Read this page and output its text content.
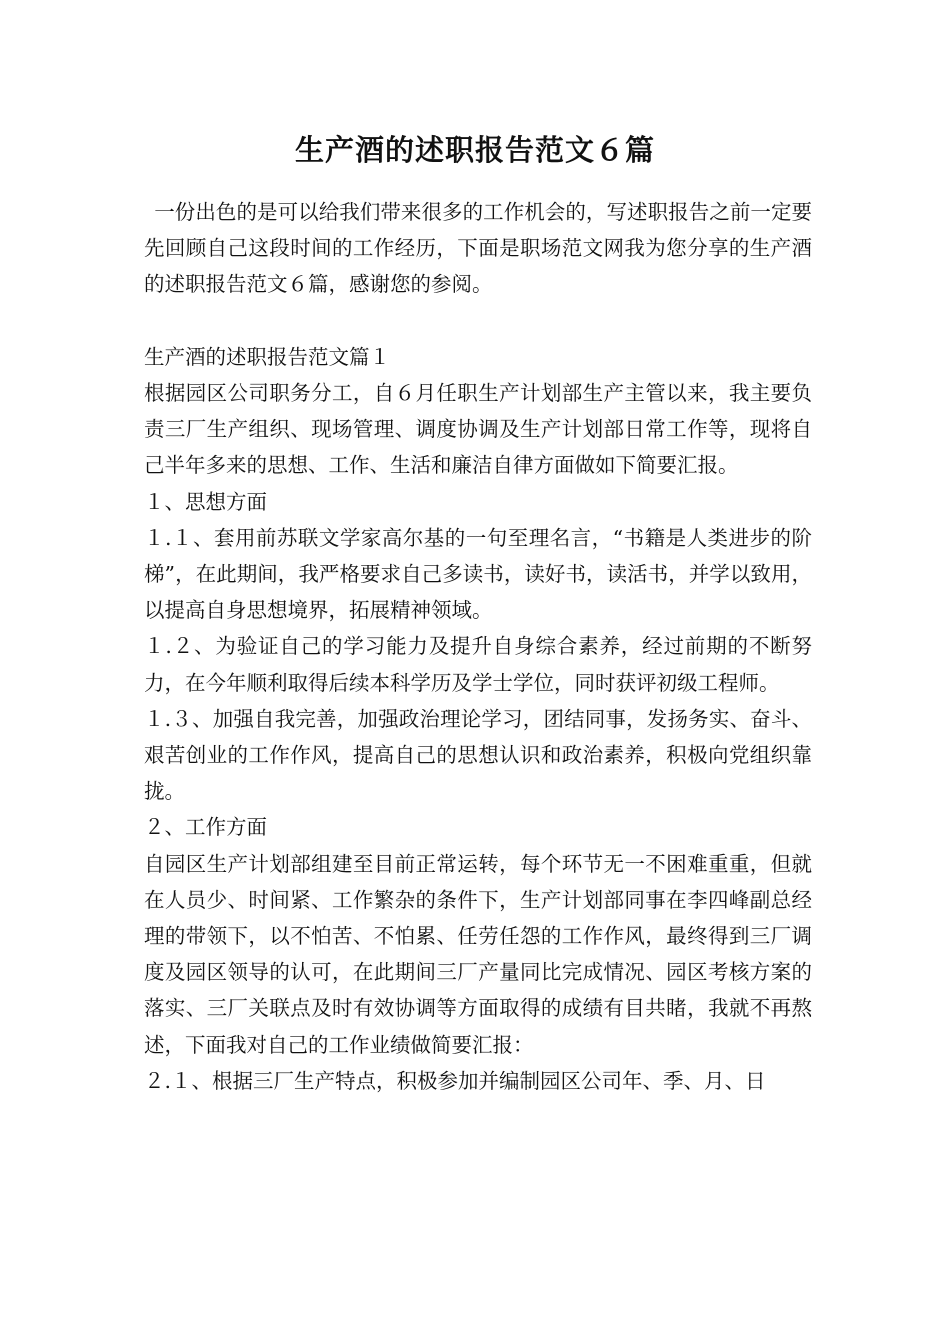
生产酒的述职报告范文６篇

一份出色的是可以给我们带来很多的工作机会的，写述职报告之前一定要先回顾自己这段时间的工作经历，下面是职场范文网我为您分享的生产酒的述职报告范文６篇，感谢您的参阅。

生产酒的述职报告范文篇１

根据园区公司职务分工，自６月任职生产计划部生产主管以来，我主要负责三厂生产组织、现场管理、调度协调及生产计划部日常工作等，现将自己半年多来的思想、工作、生活和廉洁自律方面做如下简要汇报。

１、思想方面

１.１、套用前苏联文学家高尔基的一句至理名言，“书籍是人类进步的阶梯”，在此期间，我严格要求自己多读书，读好书，读活书，并学以致用，以提高自身思想境界，拓展精神领域。

１.２、为验证自己的学习能力及提升自身综合素养，经过前期的不断努力，在今年顺利取得后续本科学历及学士学位，同时获评初级工程师。

１.３、加强自我完善，加强政治理论学习，团结同事，发扬务实、奋斗、艰苦创业的工作作风，提高自己的思想认识和政治素养，积极向党组织靠拢。

２、工作方面

自园区生产计划部组建至目前正常运转，每个环节无一不困难重重，但就在人员少、时间紧、工作繁杂的条件下，生产计划部同事在李四峰副总经理的带领下，以不怕苦、不怕累、任劳任怨的工作作风，最终得到三厂调度及园区领导的认可，在此期间三厂产量同比完成情况、园区考核方案的落实、三厂关联点及时有效协调等方面取得的成绩有目共睹，我就不再熬述，下面我对自己的工作业绩做简要汇报：

２.１、根据三厂生产特点，积极参加并编制园区公司年、季、月、日
